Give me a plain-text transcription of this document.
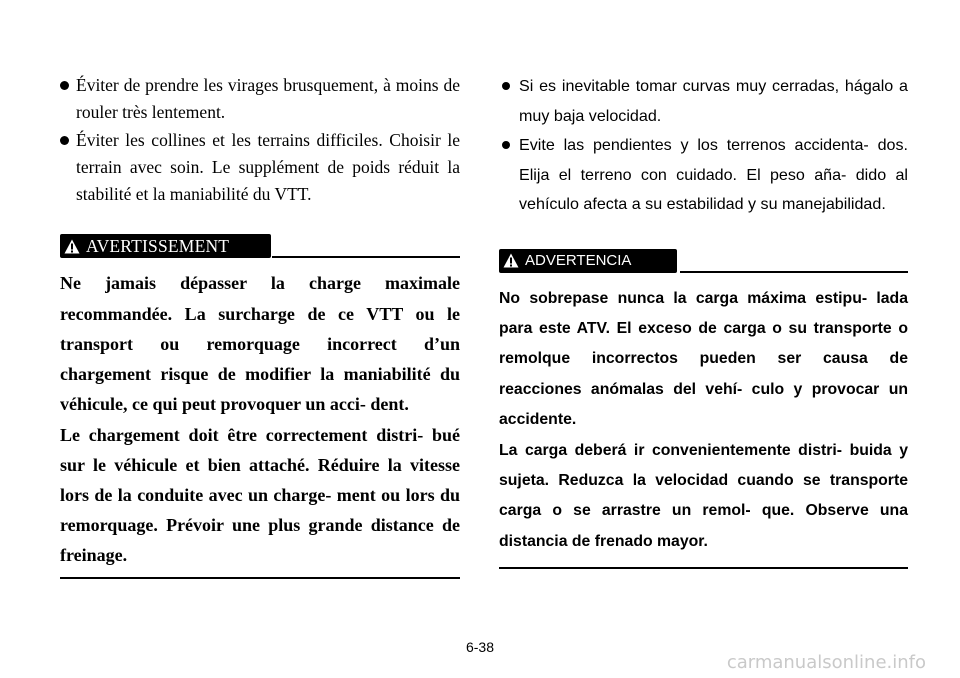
Éviter de prendre les virages brusquement, à moins de rouler très lentement.
Éviter les collines et les terrains difficiles. Choisir le terrain avec soin. Le supplément de poids réduit la stabilité et la maniabilité du VTT.
AVERTISSEMENT

Ne jamais dépasser la charge maximale recommandée. La surcharge de ce VTT ou le transport ou remorquage incorrect d’un chargement risque de modifier la maniabilité du véhicule, ce qui peut provoquer un acci- dent.

Le chargement doit être correctement distri- bué sur le véhicule et bien attaché. Réduire la vitesse lors de la conduite avec un charge- ment ou lors du remorquage. Prévoir une plus grande distance de freinage.

Si es inevitable tomar curvas muy cerradas, hágalo a muy baja velocidad.
Evite las pendientes y los terrenos accidenta- dos. Elija el terreno con cuidado. El peso aña- dido al vehículo afecta a su estabilidad y su manejabilidad.
ADVERTENCIA

No sobrepase nunca la carga máxima estipu- lada para este ATV. El exceso de carga o su transporte o remolque incorrectos pueden ser causa de reacciones anómalas del vehí- culo y provocar un accidente.

La carga deberá ir convenientemente distri- buida y sujeta. Reduzca la velocidad cuando se transporte carga o se arrastre un remol- que. Observe una distancia de frenado mayor.

6-38
carmanualsonline.info
